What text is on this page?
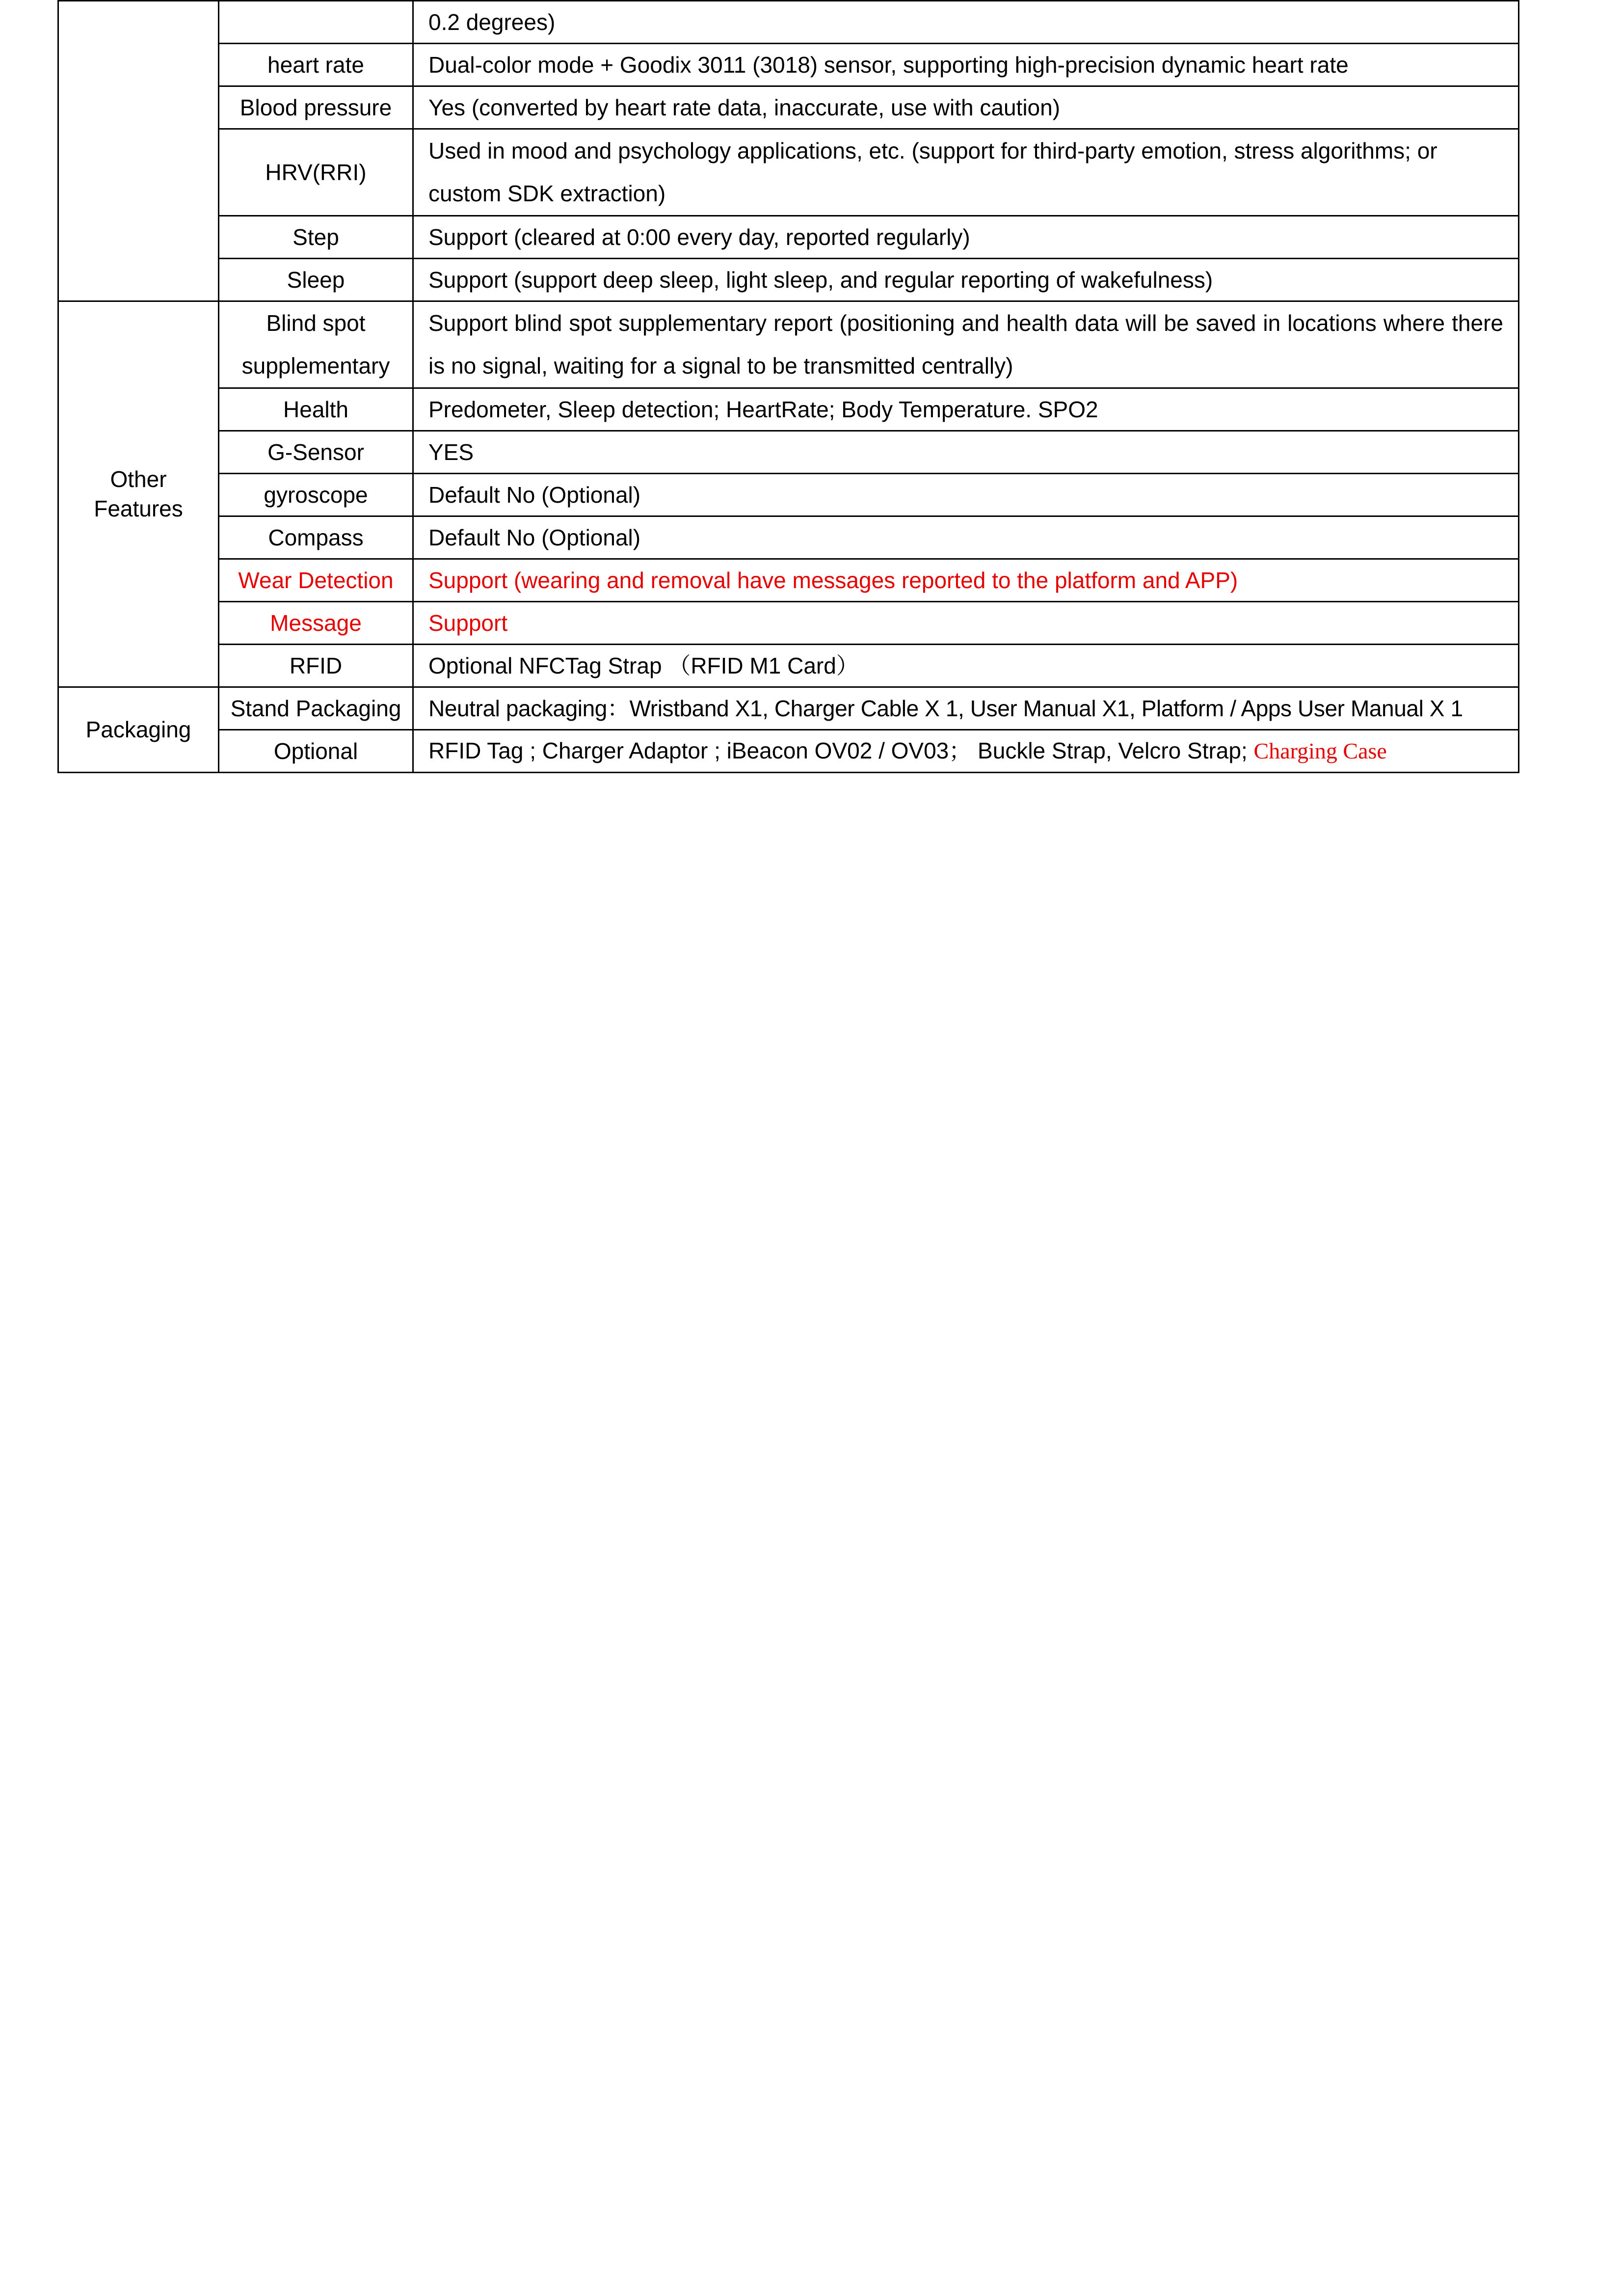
		0.2 degrees)
	heart rate	Dual-color mode + Goodix 3011 (3018) sensor, supporting high-precision dynamic heart rate
	Blood pressure	Yes (converted by heart rate data, inaccurate, use with caution)
	HRV(RRI)	Used in mood and psychology applications, etc. (support for third-party emotion, stress algorithms; or custom SDK extraction)
	Step	Support (cleared at 0:00 every day, reported regularly)
	Sleep	Support (support deep sleep, light sleep, and regular reporting of wakefulness)
Other Features	Blind spot supplementary	Support blind spot supplementary report (positioning and health data will be saved in locations where there is no signal, waiting for a signal to be transmitted centrally)
	Health	Predometer, Sleep detection; HeartRate; Body Temperature. SPO2
	G-Sensor	YES
	gyroscope	Default No (Optional)
	Compass	Default No (Optional)
	Wear Detection	Support (wearing and removal have messages reported to the platform and APP)
	Message	Support
	RFID	Optional NFCTag Strap （RFID M1 Card）
Packaging	Stand Packaging	Neutral packaging：Wristband X1, Charger Cable X 1, User Manual X1, Platform / Apps User Manual X 1
	Optional	RFID Tag ; Charger Adaptor ; iBeacon OV02 / OV03； Buckle Strap, Velcro Strap; Charging Case
